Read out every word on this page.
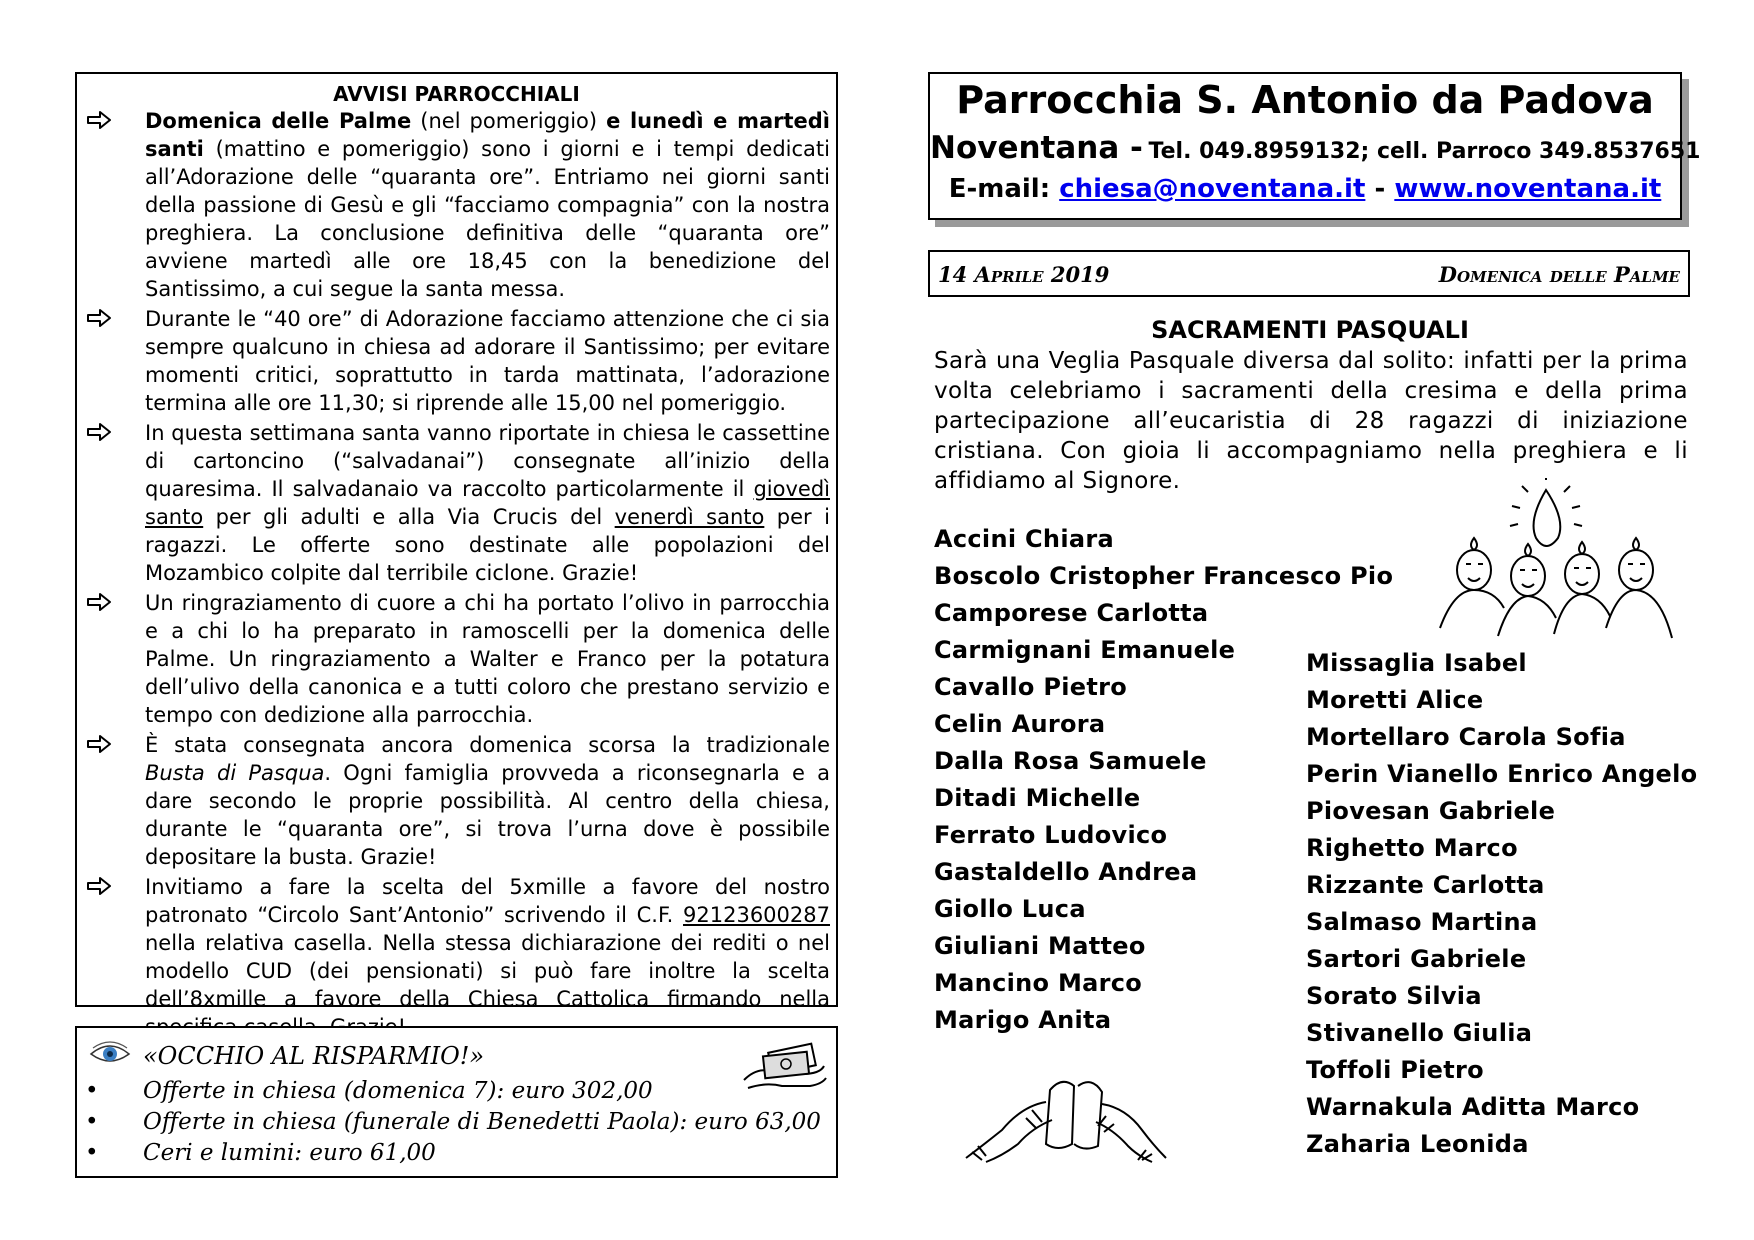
AVVISI PARROCCHIALI

Domenica delle Palme (nel pomeriggio) e lunedì e martedì santi (mattino e pomeriggio) sono i giorni e i tempi dedicati all’Adorazione delle “quaranta ore”. Entriamo nei giorni santi della passione di Gesù e gli “facciamo compagnia” con la nostra preghiera. La conclusione definitiva delle “quaranta ore” avviene martedì alle ore 18,45 con la benedizione del Santissimo, a cui segue la santa messa.

Durante le “40 ore” di Adorazione facciamo attenzione che ci sia sempre qualcuno in chiesa ad adorare il Santissimo; per evitare momenti critici, soprattutto in tarda mattinata, l’adorazione termina alle ore 11,30; si riprende alle 15,00 nel pomeriggio.

In questa settimana santa vanno riportate in chiesa le cassettine di cartoncino (“salvadanai”) consegnate all’inizio della quaresima. Il salvadanaio va raccolto particolarmente il giovedì santo per gli adulti e alla Via Crucis del venerdì santo per i ragazzi. Le offerte sono destinate alle popolazioni del Mozambico colpite dal terribile ciclone. Grazie!

Un ringraziamento di cuore a chi ha portato l’olivo in parrocchia e a chi lo ha preparato in ramoscelli per la domenica delle Palme. Un ringraziamento a Walter e Franco per la potatura dell’ulivo della canonica e a tutti coloro che prestano servizio e tempo con dedizione alla parrocchia.

È stata consegnata ancora domenica scorsa la tradizionale Busta di Pasqua. Ogni famiglia provveda a riconsegnarla e a dare secondo le proprie possibilità. Al centro della chiesa, durante le “quaranta ore”, si trova l’urna dove è possibile depositare la busta. Grazie!

Invitiamo a fare la scelta del 5xmille a favore del nostro patronato “Circolo Sant’Antonio” scrivendo il C.F. 92123600287 nella relativa casella. Nella stessa dichiarazione dei rediti o nel modello CUD (dei pensionati) si può fare inoltre la scelta dell’8xmille a favore della Chiesa Cattolica firmando nella

«OCCHIO AL RISPARMIO!»
• Offerte in chiesa (domenica 7): euro 302,00
• Offerte in chiesa (funerale di Benedetti Paola): euro 63,00
• Ceri e lumini: euro 61,00
Parrocchia S. Antonio da Padova
Noventana - Tel. 049.8959132; cell. Parroco 349.8537651
E-mail: chiesa@noventana.it - www.noventana.it
14 Aprile 2019	Domenica delle Palme
SACRAMENTI PASQUALI

Sarà una Veglia Pasquale diversa dal solito: infatti per la prima volta celebriamo i sacramenti della cresima e della prima partecipazione all’eucaristia di 28 ragazzi di iniziazione cristiana. Con gioia li accompagniamo nella preghiera e li affidiamo al Signore.

Accini Chiara
Boscolo Cristopher Francesco Pio
Camporese Carlotta
Carmignani Emanuele
Cavallo Pietro
Celin Aurora
Dalla Rosa Samuele
Ditadi Michelle
Ferrato Ludovico
Gastaldello Andrea
Giollo Luca
Giuliani Matteo
Mancino Marco
Marigo Anita
Missaglia Isabel
Moretti Alice
Mortellaro Carola Sofia
Perin Vianello Enrico Angelo
Piovesan Gabriele
Righetto Marco
Rizzante Carlotta
Salmaso Martina
Sartori Gabriele
Sorato Silvia
Stivanello Giulia
Toffoli Pietro
Warnakula Aditta Marco
Zaharia Leonida
